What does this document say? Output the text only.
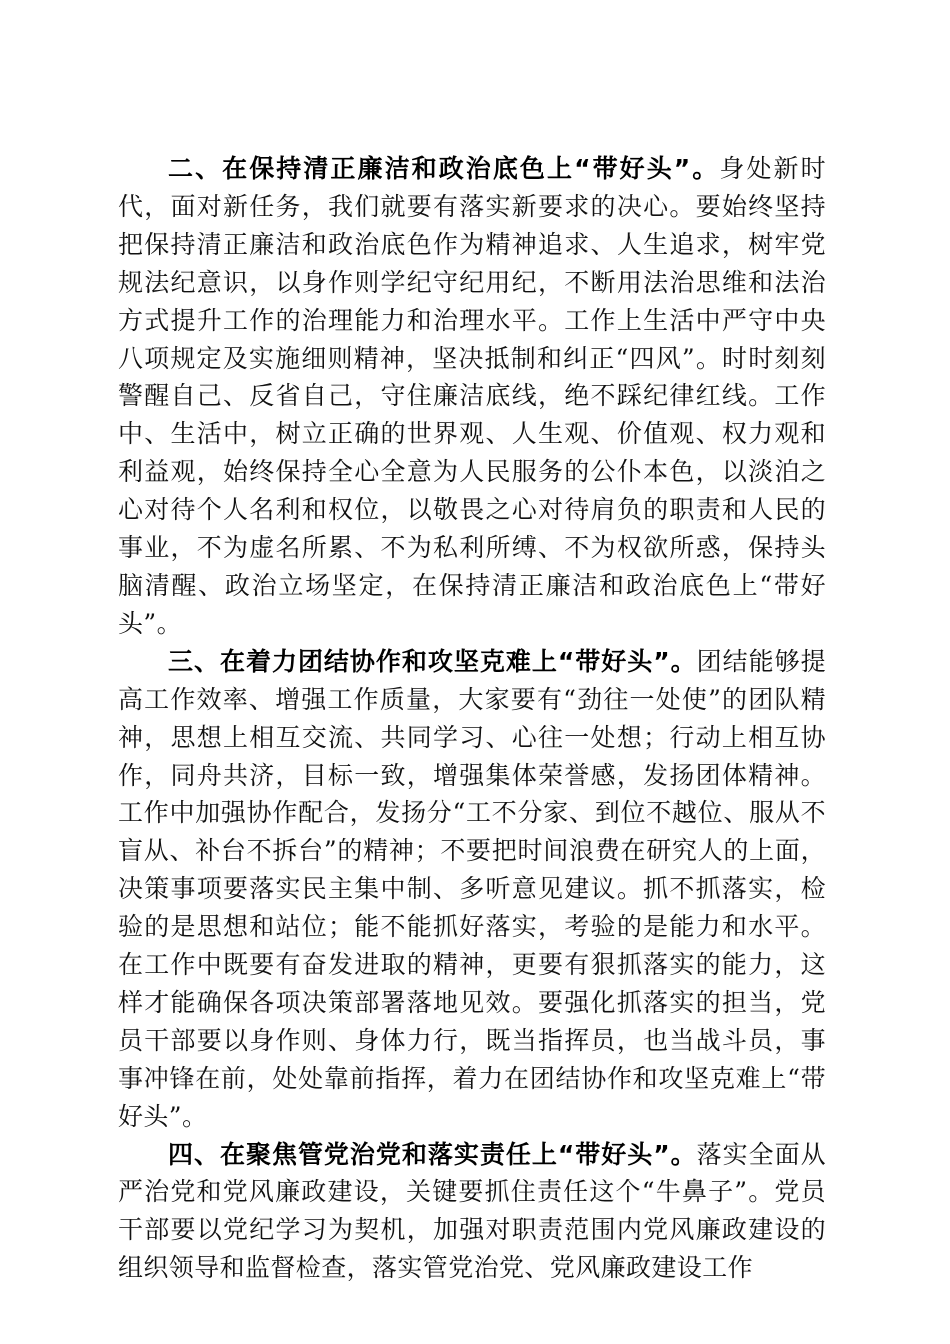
二、在保持清正廉洁和政治底色上“带好头”。身处新时代，面对新任务，我们就要有落实新要求的决心。要始终坚持把保持清正廉洁和政治底色作为精神追求、人生追求，树牢党规法纪意识，以身作则学纪守纪用纪，不断用法治思维和法治方式提升工作的治理能力和治理水平。工作上生活中严守中央八项规定及实施细则精神，坚决抵制和纠正“四风”。时时刻刻警醒自己、反省自己，守住廉洁底线，绝不踩纪律红线。工作中、生活中，树立正确的世界观、人生观、价值观、权力观和利益观，始终保持全心全意为人民服务的公仆本色，以淡泊之心对待个人名利和权位，以敬畏之心对待肩负的职责和人民的事业，不为虚名所累、不为私利所缚、不为权欲所惑，保持头脑清醒、政治立场坚定，在保持清正廉洁和政治底色上“带好头”。

三、在着力团结协作和攻坚克难上“带好头”。团结能够提高工作效率、增强工作质量，大家要有“劲往一处使”的团队精神，思想上相互交流、共同学习、心往一处想；行动上相互协作，同舟共济，目标一致，增强集体荣誉感，发扬团体精神。工作中加强协作配合，发扬分“工不分家、到位不越位、服从不盲从、补台不拆台”的精神；不要把时间浪费在研究人的上面，决策事项要落实民主集中制、多听意见建议。抓不抓落实，检验的是思想和站位；能不能抓好落实，考验的是能力和水平。在工作中既要有奋发进取的精神，更要有狠抓落实的能力，这样才能确保各项决策部署落地见效。要强化抓落实的担当，党员干部要以身作则、身体力行，既当指挥员，也当战斗员，事事冲锋在前，处处靠前指挥，着力在团结协作和攻坚克难上“带好头”。

四、在聚焦管党治党和落实责任上“带好头”。落实全面从严治党和党风廉政建设，关键要抓住责任这个“牛鼻子”。党员干部要以党纪学习为契机，加强对职责范围内党风廉政建设的组织领导和监督检查，落实管党治党、党风廉政建设工作
